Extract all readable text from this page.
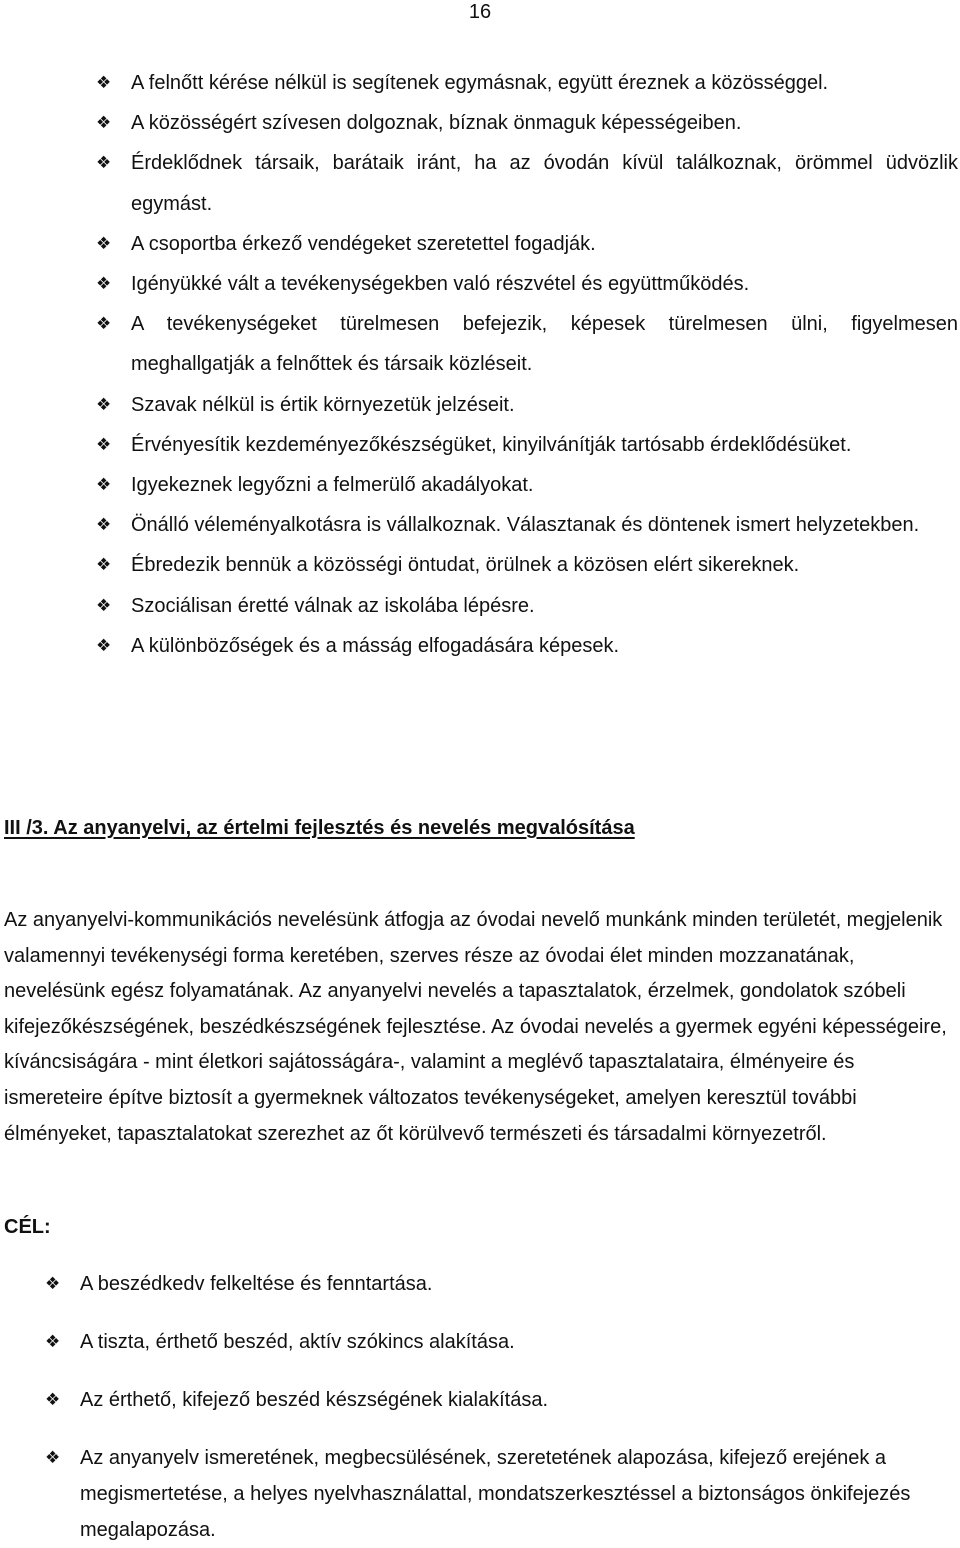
16
❖ A felnőtt kérése nélkül is segítenek egymásnak, együtt éreznek a közösséggel.
❖ A közösségért szívesen dolgoznak, bíznak önmaguk képességeiben.
❖ Érdeklődnek társaik, barátaik iránt, ha az óvodán kívül találkoznak, örömmel üdvözlik egymást.
❖ A csoportba érkező vendégeket szeretettel fogadják.
❖ Igényükké vált a tevékenységekben való részvétel és együttműködés.
❖ A tevékenységeket türelmesen befejezik, képesek türelmesen ülni, figyelmesen meghallgatják a felnőttek és társaik közléseit.
❖ Szavak nélkül is értik környezetük jelzéseit.
❖ Érvényesítik kezdeményezőkészségüket, kinyilvánítják tartósabb érdeklődésüket.
❖ Igyekeznek legyőzni a felmerülő akadályokat.
❖ Önálló véleményalkotásra is vállalkoznak. Választanak és döntenek ismert helyzetekben.
❖ Ébredezik bennük a közösségi öntudat, örülnek a közösen elért sikereknek.
❖ Szociálisan éretté válnak az iskolába lépésre.
❖ A különbözőségek és a másság elfogadására képesek.
III /3. Az anyanyelvi, az értelmi fejlesztés és nevelés megvalósítása

Az anyanyelvi-kommunikációs nevelésünk átfogja az óvodai nevelő munkánk minden területét, megjelenik valamennyi tevékenységi forma keretében, szerves része az óvodai élet minden mozzanatának, nevelésünk egész folyamatának. Az anyanyelvi nevelés a tapasztalatok, érzelmek, gondolatok szóbeli kifejezőkészségének, beszédkészségének fejlesztése. Az óvodai nevelés a gyermek egyéni képességeire, kíváncsiságára - mint életkori sajátosságára-, valamint a meglévő tapasztalataira, élményeire és ismereteire építve biztosít a gyermeknek változatos tevékenységeket, amelyen keresztül további élményeket, tapasztalatokat szerezhet az őt körülvevő természeti és társadalmi környezetről.

CÉL:
❖ A beszédkedv felkeltése és fenntartása.
❖ A tiszta, érthető beszéd, aktív szókincs alakítása.
❖ Az érthető, kifejező beszéd készségének kialakítása.
❖ Az anyanyelv ismeretének, megbecsülésének, szeretetének alapozása, kifejező erejének a megismertetése, a helyes nyelvhasználattal, mondatszerkesztéssel a biztonságos önkifejezés megalapozása.
